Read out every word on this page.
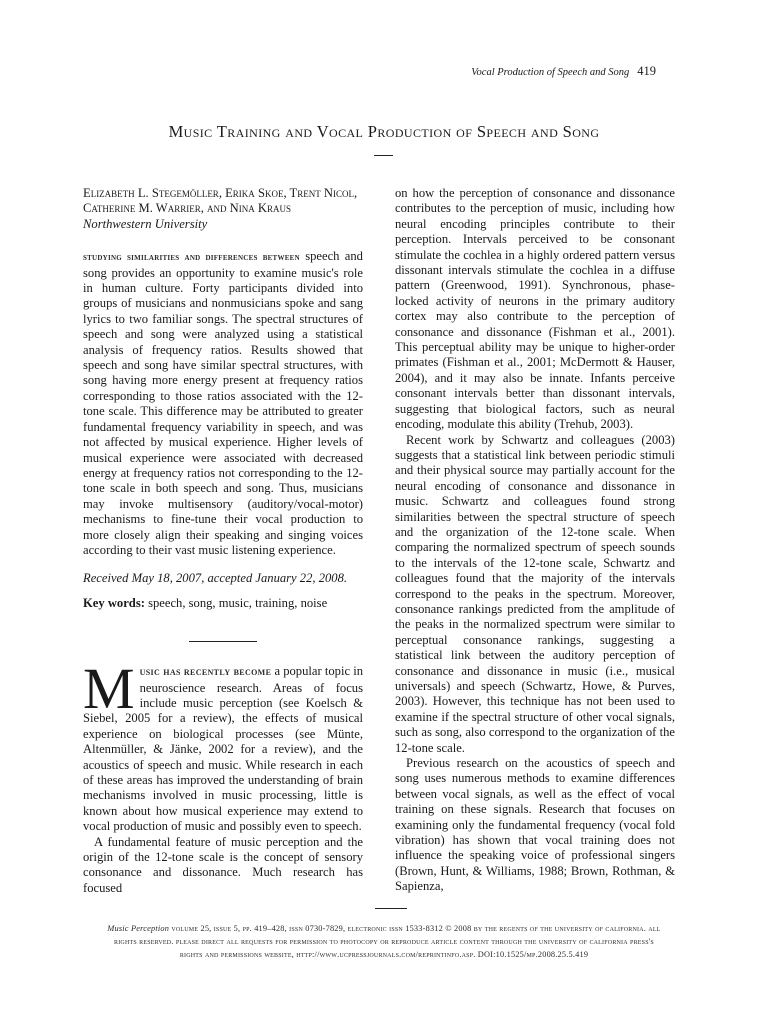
Vocal Production of Speech and Song 419
Music Training and Vocal Production of Speech and Song

Elizabeth L. Stegemöller, Erika Skoe, Trent Nicol, Catherine M. Warrier, and Nina Kraus

Northwestern University

studying similarities and differences between speech and song provides an opportunity to examine music's role in human culture. Forty participants divided into groups of musicians and nonmusicians spoke and sang lyrics to two familiar songs. The spectral structures of speech and song were analyzed using a statistical analysis of frequency ratios. Results showed that speech and song have similar spectral structures, with song having more energy present at frequency ratios corresponding to those ratios associated with the 12-tone scale. This difference may be attributed to greater fundamental frequency variability in speech, and was not affected by musical experience. Higher levels of musical experience were associated with decreased energy at frequency ratios not corresponding to the 12-tone scale in both speech and song. Thus, musicians may invoke multisensory (auditory/vocal-motor) mechanisms to fine-tune their vocal production to more closely align their speaking and singing voices according to their vast music listening experience.

Received May 18, 2007, accepted January 22, 2008.

Key words: speech, song, music, training, noise

M usic has recently become a popular topic in neuroscience research. Areas of focus include music perception (see Koelsch & Siebel, 2005 for a review), the effects of musical experience on biological processes (see Münte, Altenmüller, & Jänke, 2002 for a review), and the acoustics of speech and music. While research in each of these areas has improved the understanding of brain mechanisms involved in music processing, little is known about how musical experience may extend to vocal production of music and possibly even to speech.

A fundamental feature of music perception and the origin of the 12-tone scale is the concept of sensory consonance and dissonance. Much research has focused

on how the perception of consonance and dissonance contributes to the perception of music, including how neural encoding principles contribute to their perception. Intervals perceived to be consonant stimulate the cochlea in a highly ordered pattern versus dissonant intervals stimulate the cochlea in a diffuse pattern (Greenwood, 1991). Synchronous, phase-locked activity of neurons in the primary auditory cortex may also contribute to the perception of consonance and dissonance (Fishman et al., 2001). This perceptual ability may be unique to higher-order primates (Fishman et al., 2001; McDermott & Hauser, 2004), and it may also be innate. Infants perceive consonant intervals better than dissonant intervals, suggesting that biological factors, such as neural encoding, modulate this ability (Trehub, 2003).

Recent work by Schwartz and colleagues (2003) suggests that a statistical link between periodic stimuli and their physical source may partially account for the neural encoding of consonance and dissonance in music. Schwartz and colleagues found strong similarities between the spectral structure of speech and the organization of the 12-tone scale. When comparing the normalized spectrum of speech sounds to the intervals of the 12-tone scale, Schwartz and colleagues found that the majority of the intervals correspond to the peaks in the spectrum. Moreover, consonance rankings predicted from the amplitude of the peaks in the normalized spectrum were similar to perceptual consonance rankings, suggesting a statistical link between the auditory perception of consonance and dissonance in music (i.e., musical universals) and speech (Schwartz, Howe, & Purves, 2003). However, this technique has not been used to examine if the spectral structure of other vocal signals, such as song, also correspond to the organization of the 12-tone scale.

Previous research on the acoustics of speech and song uses numerous methods to examine differences between vocal signals, as well as the effect of vocal training on these signals. Research that focuses on examining only the fundamental frequency (vocal fold vibration) has shown that vocal training does not influence the speaking voice of professional singers (Brown, Hunt, & Williams, 1988; Brown, Rothman, & Sapienza,

Music Perception volume 25, issue 5, pp. 419–428, issn 0730-7829, electronic issn 1533-8312 © 2008 by the regents of the university of california. all
rights reserved. please direct all requests for permission to photocopy or reproduce article content through the university of california press's
rights and permissions website, http://www.ucpressjournals.com/reprintinfo.asp. DOI:10.1525/mp.2008.25.5.419
